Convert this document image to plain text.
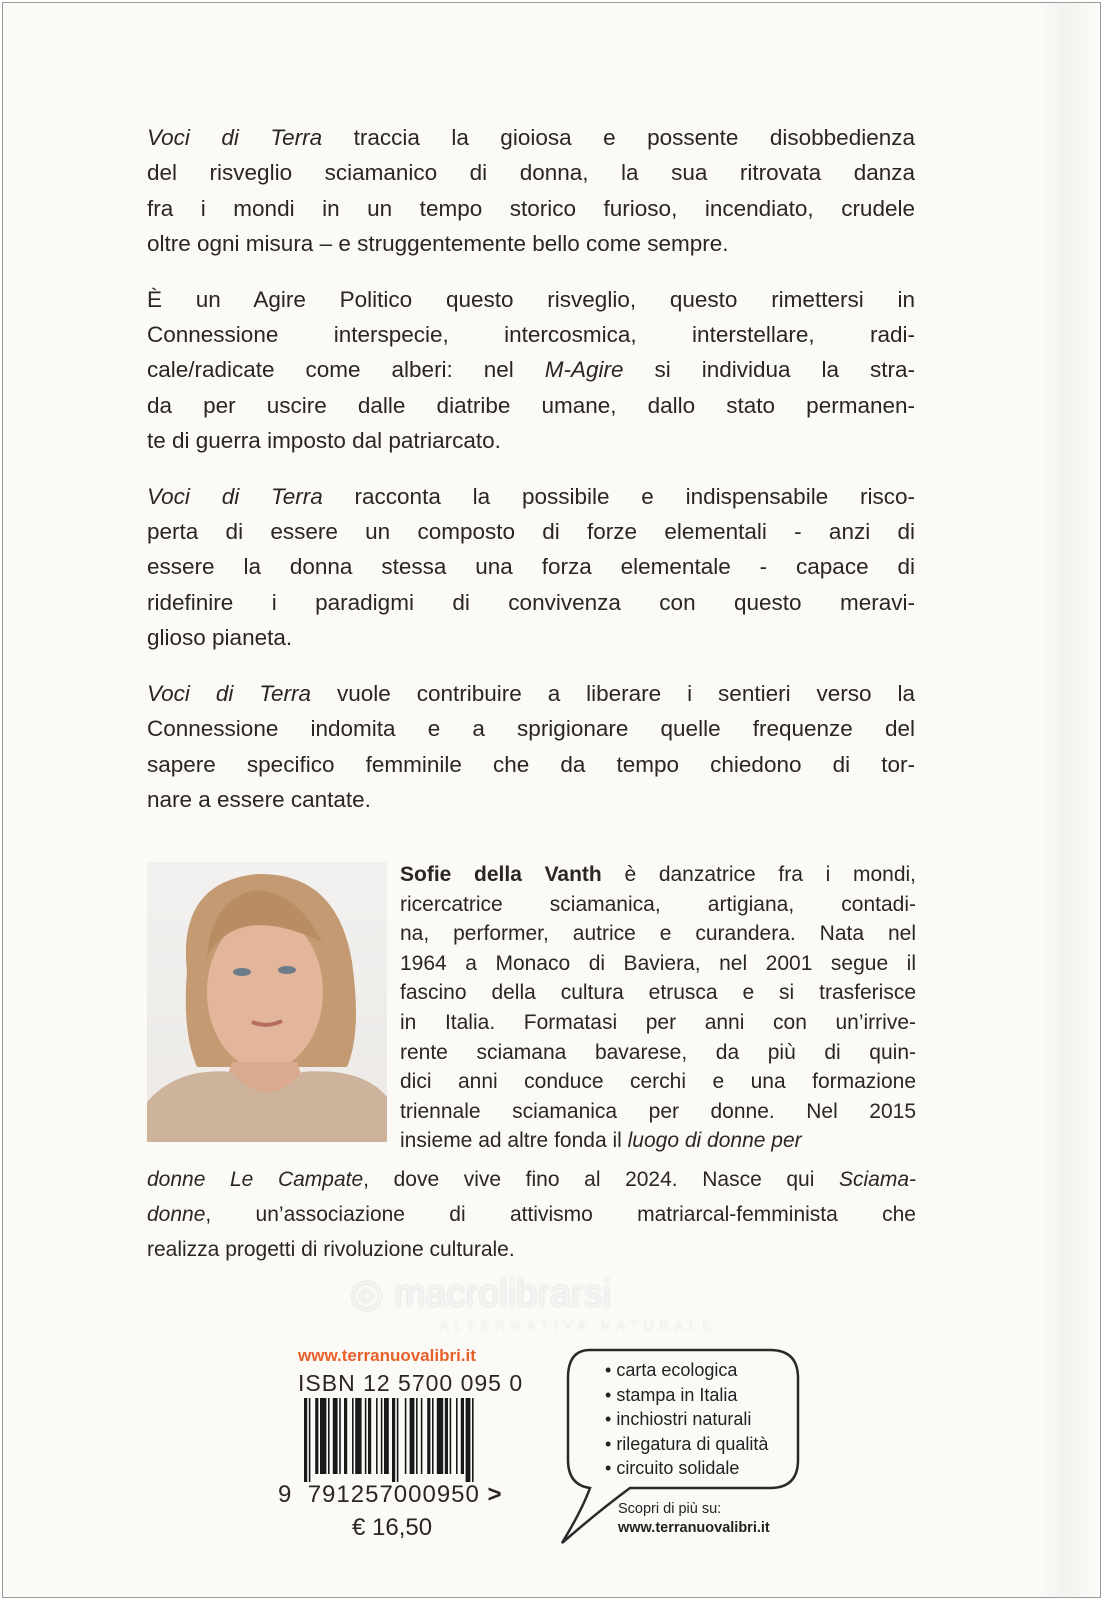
Voci di Terra traccia la gioiosa e possente disobbedienza
del risveglio sciamanico di donna, la sua ritrovata danza
fra i mondi in un tempo storico furioso, incendiato, crudele
oltre ogni misura – e struggentemente bello come sempre.
È un Agire Politico questo risveglio, questo rimettersi in
Connessione interspecie, intercosmica, interstellare, radi-
cale/radicate come alberi: nel M-Agire si individua la stra-
da per uscire dalle diatribe umane, dallo stato permanen-
te di guerra imposto dal patriarcato.
Voci di Terra racconta la possibile e indispensabile risco-
perta di essere un composto di forze elementali - anzi di
essere la donna stessa una forza elementale - capace di
ridefinire i paradigmi di convivenza con questo meravi-
glioso pianeta.
Voci di Terra vuole contribuire a liberare i sentieri verso la
Connessione indomita e a sprigionare quelle frequenze del
sapere specifico femminile che da tempo chiedono di tor-
nare a essere cantate.
Sofie della Vanth è danzatrice fra i mondi,
ricercatrice sciamanica, artigiana, contadi-
na, performer, autrice e curandera. Nata nel
1964 a Monaco di Baviera, nel 2001 segue il
fascino della cultura etrusca e si trasferisce
in Italia. Formatasi per anni con un’irrive-
rente sciamana bavarese, da più di quin-
dici anni conduce cerchi e una formazione
triennale sciamanica per donne. Nel 2015
insieme ad altre fonda il luogo di donne per
donne Le Campate, dove vive fino al 2024. Nasce qui Sciama-
donne, un’associazione di attivismo matriarcal-femminista che
realizza progetti di rivoluzione culturale.
◎ macrolibrarsi
ALTERNATIVA NATURALE
www.terranuovalibri.it
ISBN 12 5700 095 0
9 791257000950 >
€ 16,50
• carta ecologica
• stampa in Italia
• inchiostri naturali
• rilegatura di qualità
• circuito solidale
Scopri di più su:
www.terranuovalibri.it
